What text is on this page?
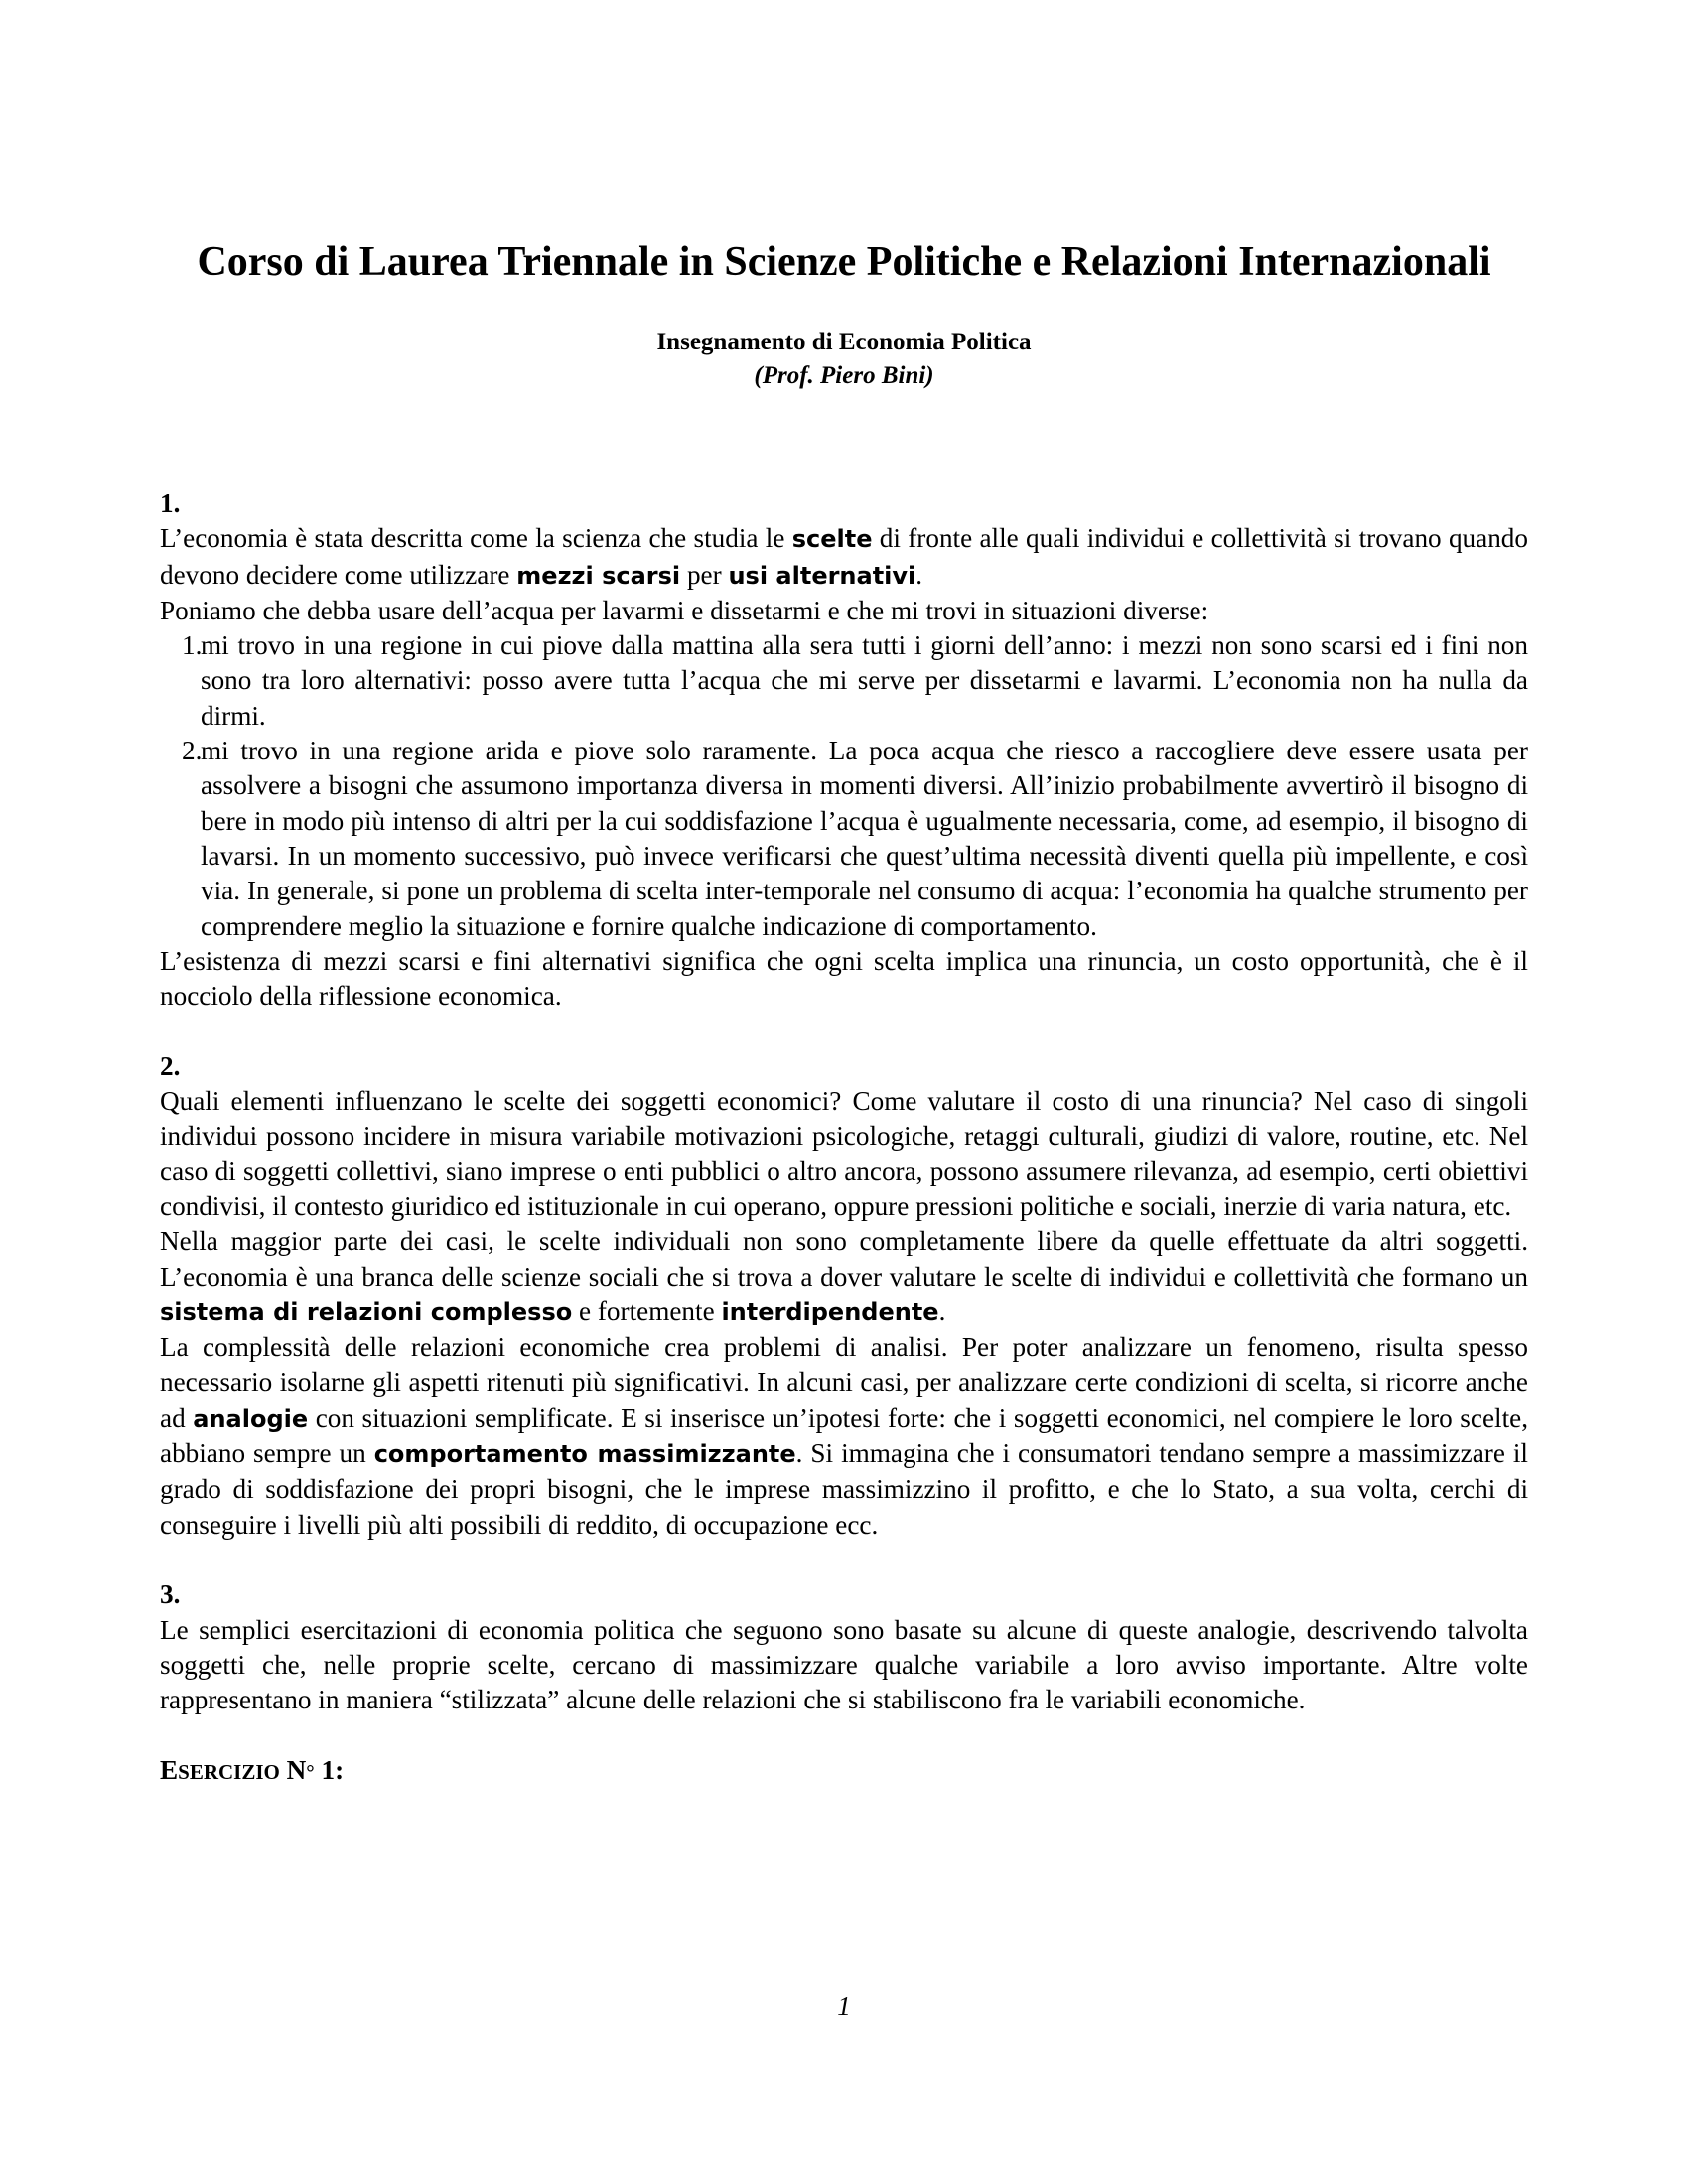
Corso di Laurea Triennale in Scienze Politiche e Relazioni Internazionali
Insegnamento di Economia Politica
(Prof. Piero Bini)

1.

L’economia è stata descritta come la scienza che studia le scelte di fronte alle quali individui e collettività si trovano quando devono decidere come utilizzare mezzi scarsi per usi alternativi.

Poniamo che debba usare dell’acqua per lavarmi e dissetarmi e che mi trovi in situazioni diverse:

1.
mi trovo in una regione in cui piove dalla mattina alla sera tutti i giorni dell’anno: i mezzi non sono scarsi ed i fini non sono tra loro alternativi: posso avere tutta l’acqua che mi serve per dissetarmi e lavarmi. L’economia non ha nulla da dirmi.
2.
mi trovo in una regione arida e piove solo raramente. La poca acqua che riesco a raccogliere deve essere usata per assolvere a bisogni che assumono importanza diversa in momenti diversi. All’inizio probabilmente avvertirò il bisogno di bere in modo più intenso di altri per la cui soddisfazione l’acqua è ugualmente necessaria, come, ad esempio, il bisogno di lavarsi. In un momento successivo, può invece verificarsi che quest’ultima necessità diventi quella più impellente, e così via. In generale, si pone un problema di scelta inter-temporale nel consumo di acqua: l’economia ha qualche strumento per comprendere meglio la situazione e fornire qualche indicazione di comportamento.

L’esistenza di mezzi scarsi e fini alternativi significa che ogni scelta implica una rinuncia, un costo opportunità, che è il nocciolo della riflessione economica.

2.

Quali elementi influenzano le scelte dei soggetti economici? Come valutare il costo di una rinuncia? Nel caso di singoli individui possono incidere in misura variabile motivazioni psicologiche, retaggi culturali, giudizi di valore, routine, etc. Nel caso di soggetti collettivi, siano imprese o enti pubblici o altro ancora, possono assumere rilevanza, ad esempio, certi obiettivi condivisi, il contesto giuridico ed istituzionale in cui operano, oppure pressioni politiche e sociali, inerzie di varia natura, etc.

Nella maggior parte dei casi, le scelte individuali non sono completamente libere da quelle effettuate da altri soggetti. L’economia è una branca delle scienze sociali che si trova a dover valutare le scelte di individui e collettività che formano un sistema di relazioni complesso e fortemente interdipendente.

La complessità delle relazioni economiche crea problemi di analisi. Per poter analizzare un fenomeno, risulta spesso necessario isolarne gli aspetti ritenuti più significativi. In alcuni casi, per analizzare certe condizioni di scelta, si ricorre anche ad analogie con situazioni semplificate. E si inserisce un’ipotesi forte: che i soggetti economici, nel compiere le loro scelte, abbiano sempre un comportamento massimizzante. Si immagina che i consumatori tendano sempre a massimizzare il grado di soddisfazione dei propri bisogni, che le imprese massimizzino il profitto, e che lo Stato, a sua volta, cerchi di conseguire i livelli più alti possibili di reddito, di occupazione ecc.

3.

Le semplici esercitazioni di economia politica che seguono sono basate su alcune di queste analogie, descrivendo talvolta soggetti che, nelle proprie scelte, cercano di massimizzare qualche variabile a loro avviso importante. Altre volte rappresentano in maniera “stilizzata” alcune delle relazioni che si stabiliscono fra le variabili economiche.

ESERCIZIO N° 1:

1
